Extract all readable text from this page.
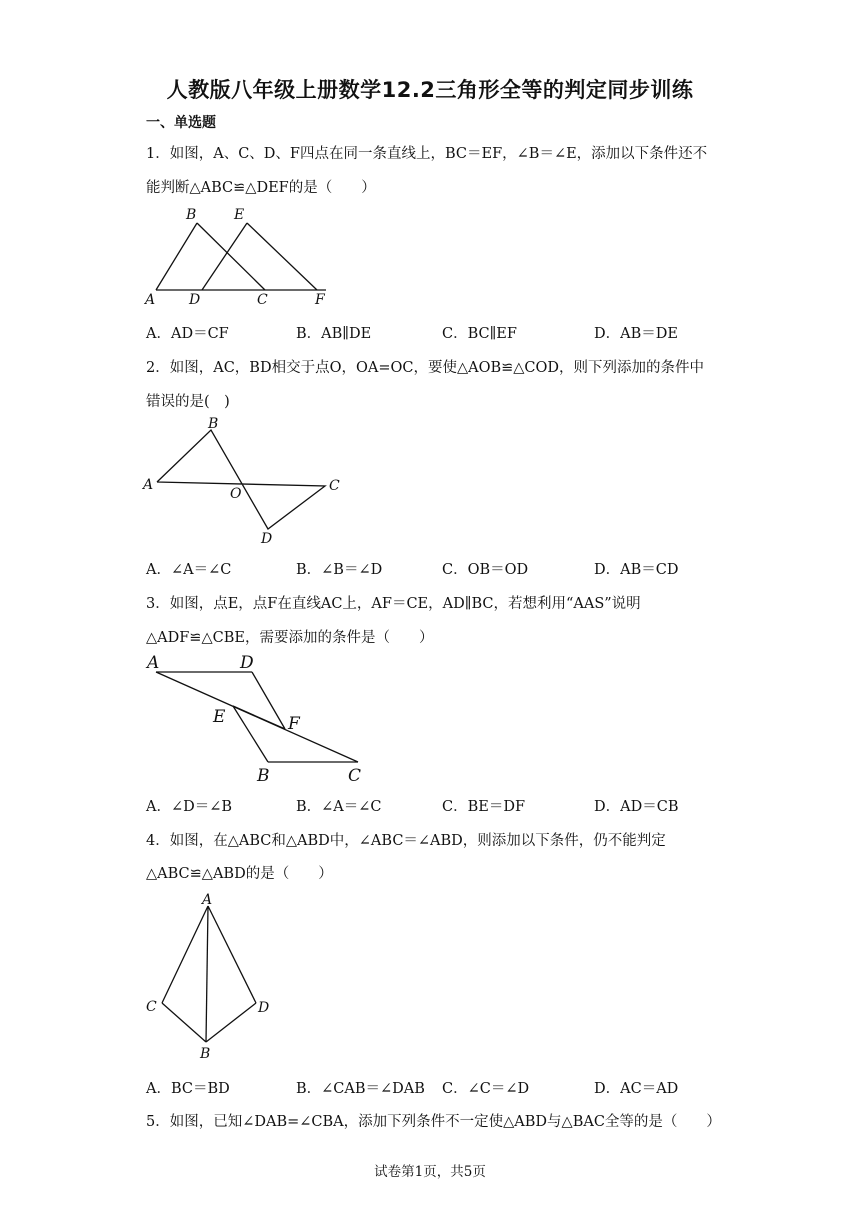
人教版八年级上册数学12.2三角形全等的判定同步训练
一、单选题
1．如图，A、C、D、F四点在同一条直线上，BC＝EF，∠B＝∠E，添加以下条件还不
能判断△ABC≌△DEF的是（　　）
A
B
C
D
E
F
A．AD＝CF	B．AB∥DE	C．BC∥EF	D．AB＝DE
2．如图，AC，BD相交于点O，OA=OC，要使△AOB≌△COD，则下列添加的条件中
错误的是(　)
A
B
O	C
D
A．∠A＝∠C	B．∠B＝∠D	C．OB＝OD	D．AB＝CD
3．如图，点E，点F在直线AC上，AF＝CE，AD∥BC，若想利用“AAS”说明
△ADF≌△CBE，需要添加的条件是（　　）
A	D
E	F
B	C
A．∠D＝∠B	B．∠A＝∠C	C．BE＝DF	D．AD＝CB
4．如图，在△ABC和△ABD中，∠ABC＝∠ABD，则添加以下条件，仍不能判定
△ABC≌△ABD的是（　　）
A
C	D
B
A．BC＝BD	B．∠CAB＝∠DAB C．∠C＝∠D	D．AC＝AD
5．如图，已知∠DAB=∠CBA，添加下列条件不一定使△ABD与△BAC全等的是（　　）
试卷第1页，共5页
